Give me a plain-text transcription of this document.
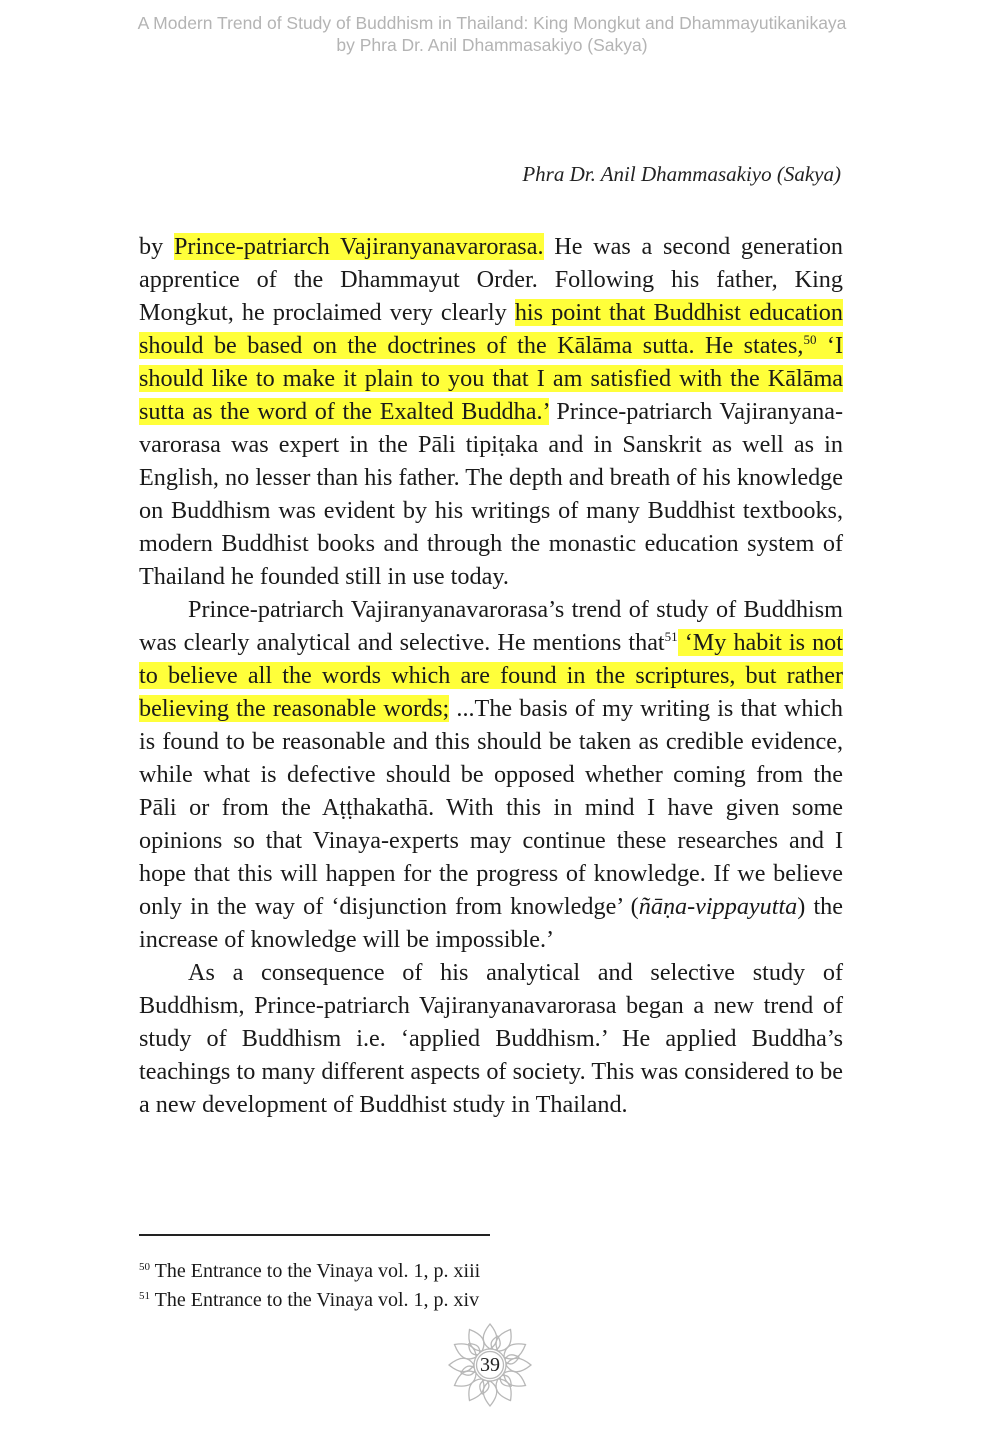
A Modern Trend of Study of Buddhism in Thailand: King Mongkut and Dhammayutikanikaya
by Phra Dr. Anil Dhammasakiyo (Sakya)
Phra Dr. Anil Dhammasakiyo (Sakya)

by Prince-patriarch Vajiranyanavarorasa. He was a second generation apprentice of the Dhammayut Order. Following his father, King Mongkut, he proclaimed very clearly his point that Buddhist education should be based on the doctrines of the Kālāma sutta. He states,$^{50}$ ‘I should like to make it plain to you that I am satisfied with the Kālāma sutta as the word of the Exalted Buddha.’ Prince-patriarch Vajiranyana-varorasa was expert in the Pāli tipiṭaka and in Sanskrit as well as in English, no lesser than his father. The depth and breath of his knowledge on Buddhism was evident by his writings of many Buddhist textbooks, modern Buddhist books and through the monastic education system of Thailand he founded still in use today.

Prince-patriarch Vajiranyanavarorasa’s trend of study of Buddhism was clearly analytical and selective. He mentions that$^{51}$ ‘My habit is not to believe all the words which are found in the scriptures, but rather believing the reasonable words; ...The basis of my writing is that which is found to be reasonable and this should be taken as credible evidence, while what is defective should be opposed whether coming from the Pāli or from the Aṭṭhakathā. With this in mind I have given some opinions so that Vinaya-experts may continue these researches and I hope that this will happen for the progress of knowledge. If we believe only in the way of ‘disjunction from knowledge’ (ñāṇa-vippayutta) the increase of knowledge will be impossible.’

As a consequence of his analytical and selective study of Buddhism, Prince-patriarch Vajiranyanavarorasa began a new trend of study of Buddhism i.e. ‘applied Buddhism.’ He applied Buddha’s teachings to many different aspects of society. This was considered to be a new development of Buddhist study in Thailand.

$^{50}$ The Entrance to the Vinaya vol. 1, p. xiii
$^{51}$ The Entrance to the Vinaya vol. 1, p. xiv
39
